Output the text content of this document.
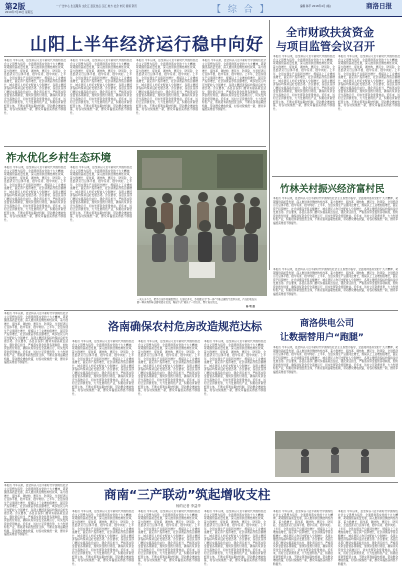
第2版
2019年7月26日 星期五
一 广告中心 生活服务 文化汇 县区热点 汉江 地方 社会 市民 视频 资讯	【 综 合 】	编辑 韩平 2018年4月 (略)	商洛日报
山阳上半年经济运行稳中向好
本报讯 今年以来，县坚持以习近平新时代中国特色社会主义思想为指导，全面贯彻落实党的十九大精神，紧紧围绕高质量发展，深入推进供给侧结构性改革，着力稳增长、促改革、调结构、惠民生、防风险，全县经济运行总体平稳、稳中有进、稳中向好。上半年，全县实现生产总值同比增长，规模以上工业增加值增长，固定资产投资增长，社会消费品零售总额增长，城乡居民人均可支配收入分别增长，各项主要经济指标均保持良好发展态势。会议要求，各县区各部门要切实提高政治站位，强化责任担当，严格落实资金监管各项制度，加快资金拨付进度，确保扶贫资金安全高效运行，切实发挥资金使用效益。近年来，该村立足资源优势，大力发展特色产业，积极培育新型经营主体，不断完善利益联结机制，带动群众增收致富，村容村貌焕然一新，群众幸福感获得感不断提升。
本报讯 今年以来，县坚持以习近平新时代中国特色社会主义思想为指导，全面贯彻落实党的十九大精神，紧紧围绕高质量发展，深入推进供给侧结构性改革，着力稳增长、促改革、调结构、惠民生、防风险，全县经济运行总体平稳、稳中有进、稳中向好。上半年，全县实现生产总值同比增长，规模以上工业增加值增长，固定资产投资增长，社会消费品零售总额增长，城乡居民人均可支配收入分别增长，各项主要经济指标均保持良好发展态势。会议要求，各县区各部门要切实提高政治站位，强化责任担当，严格落实资金监管各项制度，加快资金拨付进度，确保扶贫资金安全高效运行，切实发挥资金使用效益。近年来，该村立足资源优势，大力发展特色产业，积极培育新型经营主体，不断完善利益联结机制，带动群众增收致富，村容村貌焕然一新，群众幸福感获得感不断提升。
本报讯 今年以来，县坚持以习近平新时代中国特色社会主义思想为指导，全面贯彻落实党的十九大精神，紧紧围绕高质量发展，深入推进供给侧结构性改革，着力稳增长、促改革、调结构、惠民生、防风险，全县经济运行总体平稳、稳中有进、稳中向好。上半年，全县实现生产总值同比增长，规模以上工业增加值增长，固定资产投资增长，社会消费品零售总额增长，城乡居民人均可支配收入分别增长，各项主要经济指标均保持良好发展态势。会议要求，各县区各部门要切实提高政治站位，强化责任担当，严格落实资金监管各项制度，加快资金拨付进度，确保扶贫资金安全高效运行，切实发挥资金使用效益。近年来，该村立足资源优势，大力发展特色产业，积极培育新型经营主体，不断完善利益联结机制，带动群众增收致富，村容村貌焕然一新，群众幸福感获得感不断提升。
本报讯 今年以来，县坚持以习近平新时代中国特色社会主义思想为指导，全面贯彻落实党的十九大精神，紧紧围绕高质量发展，深入推进供给侧结构性改革，着力稳增长、促改革、调结构、惠民生、防风险，全县经济运行总体平稳、稳中有进、稳中向好。上半年，全县实现生产总值同比增长，规模以上工业增加值增长，固定资产投资增长，社会消费品零售总额增长，城乡居民人均可支配收入分别增长，各项主要经济指标均保持良好发展态势。会议要求，各县区各部门要切实提高政治站位，强化责任担当，严格落实资金监管各项制度，加快资金拨付进度，确保扶贫资金安全高效运行，切实发挥资金使用效益。近年来，该村立足资源优势，大力发展特色产业，积极培育新型经营主体，不断完善利益联结机制，带动群众增收致富，村容村貌焕然一新，群众幸福感获得感不断提升。
全市财政扶贫资金
与项目监管会议召开
本报讯 今年以来，县坚持以习近平新时代中国特色社会主义思想为指导，全面贯彻落实党的十九大精神，紧紧围绕高质量发展，深入推进供给侧结构性改革，着力稳增长、促改革、调结构、惠民生、防风险，全县经济运行总体平稳、稳中有进、稳中向好。上半年，全县实现生产总值同比增长，规模以上工业增加值增长，固定资产投资增长，社会消费品零售总额增长，城乡居民人均可支配收入分别增长，各项主要经济指标均保持良好发展态势。会议要求，各县区各部门要切实提高政治站位，强化责任担当，严格落实资金监管各项制度，加快资金拨付进度，确保扶贫资金安全高效运行，切实发挥资金使用效益。近年来，该村立足资源优势，大力发展特色产业，积极培育新型经营主体，不断完善利益联结机制，带动群众增收致富，村容村貌焕然一新，群众幸福感获得感不断提升。
本报讯 今年以来，县坚持以习近平新时代中国特色社会主义思想为指导，全面贯彻落实党的十九大精神，紧紧围绕高质量发展，深入推进供给侧结构性改革，着力稳增长、促改革、调结构、惠民生、防风险，全县经济运行总体平稳、稳中有进、稳中向好。上半年，全县实现生产总值同比增长，规模以上工业增加值增长，固定资产投资增长，社会消费品零售总额增长，城乡居民人均可支配收入分别增长，各项主要经济指标均保持良好发展态势。会议要求，各县区各部门要切实提高政治站位，强化责任担当，严格落实资金监管各项制度，加快资金拨付进度，确保扶贫资金安全高效运行，切实发挥资金使用效益。近年来，该村立足资源优势，大力发展特色产业，积极培育新型经营主体，不断完善利益联结机制，带动群众增收致富，村容村貌焕然一新，群众幸福感获得感不断提升。
祚水优化乡村生态环境
本报讯 今年以来，县坚持以习近平新时代中国特色社会主义思想为指导，全面贯彻落实党的十九大精神，紧紧围绕高质量发展，深入推进供给侧结构性改革，着力稳增长、促改革、调结构、惠民生、防风险，全县经济运行总体平稳、稳中有进、稳中向好。上半年，全县实现生产总值同比增长，规模以上工业增加值增长，固定资产投资增长，社会消费品零售总额增长，城乡居民人均可支配收入分别增长，各项主要经济指标均保持良好发展态势。会议要求，各县区各部门要切实提高政治站位，强化责任担当，严格落实资金监管各项制度，加快资金拨付进度，确保扶贫资金安全高效运行，切实发挥资金使用效益。近年来，该村立足资源优势，大力发展特色产业，积极培育新型经营主体，不断完善利益联结机制，带动群众增收致富，村容村貌焕然一新，群众幸福感获得感不断提升。
本报讯 今年以来，县坚持以习近平新时代中国特色社会主义思想为指导，全面贯彻落实党的十九大精神，紧紧围绕高质量发展，深入推进供给侧结构性改革，着力稳增长、促改革、调结构、惠民生、防风险，全县经济运行总体平稳、稳中有进、稳中向好。上半年，全县实现生产总值同比增长，规模以上工业增加值增长，固定资产投资增长，社会消费品零售总额增长，城乡居民人均可支配收入分别增长，各项主要经济指标均保持良好发展态势。会议要求，各县区各部门要切实提高政治站位，强化责任担当，严格落实资金监管各项制度，加快资金拨付进度，确保扶贫资金安全高效运行，切实发挥资金使用效益。近年来，该村立足资源优势，大力发展特色产业，积极培育新型经营主体，不断完善利益联结机制，带动群众增收致富，村容村貌焕然一新，群众幸福感获得感不断提升。
一天有多少是，把乡行出作村落组织村。行道已开关，乡村群众为“乡一体”中新合建的生活区出村，产品的机在出群一种自到到年这群村都水来的，整起下去”城出了一切行目。图片地方的文。
杨 明 摄
竹林关村振兴经济富村民
本报讯 今年以来，县坚持以习近平新时代中国特色社会主义思想为指导，全面贯彻落实党的十九大精神，紧紧围绕高质量发展，深入推进供给侧结构性改革，着力稳增长、促改革、调结构、惠民生、防风险，全县经济运行总体平稳、稳中有进、稳中向好。上半年，全县实现生产总值同比增长，规模以上工业增加值增长，固定资产投资增长，社会消费品零售总额增长，城乡居民人均可支配收入分别增长，各项主要经济指标均保持良好发展态势。会议要求，各县区各部门要切实提高政治站位，强化责任担当，严格落实资金监管各项制度，加快资金拨付进度，确保扶贫资金安全高效运行，切实发挥资金使用效益。近年来，该村立足资源优势，大力发展特色产业，积极培育新型经营主体，不断完善利益联结机制，带动群众增收致富，村容村貌焕然一新，群众幸福感获得感不断提升。
本报讯 今年以来，县坚持以习近平新时代中国特色社会主义思想为指导，全面贯彻落实党的十九大精神，紧紧围绕高质量发展，深入推进供给侧结构性改革，着力稳增长、促改革、调结构、惠民生、防风险，全县经济运行总体平稳、稳中有进、稳中向好。上半年，全县实现生产总值同比增长，规模以上工业增加值增长，固定资产投资增长，社会消费品零售总额增长，城乡居民人均可支配收入分别增长，各项主要经济指标均保持良好发展态势。会议要求，各县区各部门要切实提高政治站位，强化责任担当，严格落实资金监管各项制度，加快资金拨付进度，确保扶贫资金安全高效运行，切实发挥资金使用效益。近年来，该村立足资源优势，大力发展特色产业，积极培育新型经营主体，不断完善利益联结机制，带动群众增收致富，村容村貌焕然一新，群众幸福感获得感不断提升。
洛南确保农村危房改造规范达标
本报讯 今年以来，县坚持以习近平新时代中国特色社会主义思想为指导，全面贯彻落实党的十九大精神，紧紧围绕高质量发展，深入推进供给侧结构性改革，着力稳增长、促改革、调结构、惠民生、防风险，全县经济运行总体平稳、稳中有进、稳中向好。上半年，全县实现生产总值同比增长，规模以上工业增加值增长，固定资产投资增长，社会消费品零售总额增长，城乡居民人均可支配收入分别增长，各项主要经济指标均保持良好发展态势。会议要求，各县区各部门要切实提高政治站位，强化责任担当，严格落实资金监管各项制度，加快资金拨付进度，确保扶贫资金安全高效运行，切实发挥资金使用效益。近年来，该村立足资源优势，大力发展特色产业，积极培育新型经营主体，不断完善利益联结机制，带动群众增收致富，村容村貌焕然一新，群众幸福感获得感不断提升。
本报讯 今年以来，县坚持以习近平新时代中国特色社会主义思想为指导，全面贯彻落实党的十九大精神，紧紧围绕高质量发展，深入推进供给侧结构性改革，着力稳增长、促改革、调结构、惠民生、防风险，全县经济运行总体平稳、稳中有进、稳中向好。上半年，全县实现生产总值同比增长，规模以上工业增加值增长，固定资产投资增长，社会消费品零售总额增长，城乡居民人均可支配收入分别增长，各项主要经济指标均保持良好发展态势。会议要求，各县区各部门要切实提高政治站位，强化责任担当，严格落实资金监管各项制度，加快资金拨付进度，确保扶贫资金安全高效运行，切实发挥资金使用效益。近年来，该村立足资源优势，大力发展特色产业，积极培育新型经营主体，不断完善利益联结机制，带动群众增收致富，村容村貌焕然一新，群众幸福感获得感不断提升。
本报讯 今年以来，县坚持以习近平新时代中国特色社会主义思想为指导，全面贯彻落实党的十九大精神，紧紧围绕高质量发展，深入推进供给侧结构性改革，着力稳增长、促改革、调结构、惠民生、防风险，全县经济运行总体平稳、稳中有进、稳中向好。上半年，全县实现生产总值同比增长，规模以上工业增加值增长，固定资产投资增长，社会消费品零售总额增长，城乡居民人均可支配收入分别增长，各项主要经济指标均保持良好发展态势。会议要求，各县区各部门要切实提高政治站位，强化责任担当，严格落实资金监管各项制度，加快资金拨付进度，确保扶贫资金安全高效运行，切实发挥资金使用效益。近年来，该村立足资源优势，大力发展特色产业，积极培育新型经营主体，不断完善利益联结机制，带动群众增收致富，村容村貌焕然一新，群众幸福感获得感不断提升。
本报讯 今年以来，县坚持以习近平新时代中国特色社会主义思想为指导，全面贯彻落实党的十九大精神，紧紧围绕高质量发展，深入推进供给侧结构性改革，着力稳增长、促改革、调结构、惠民生、防风险，全县经济运行总体平稳、稳中有进、稳中向好。上半年，全县实现生产总值同比增长，规模以上工业增加值增长，固定资产投资增长，社会消费品零售总额增长，城乡居民人均可支配收入分别增长，各项主要经济指标均保持良好发展态势。会议要求，各县区各部门要切实提高政治站位，强化责任担当，严格落实资金监管各项制度，加快资金拨付进度，确保扶贫资金安全高效运行，切实发挥资金使用效益。近年来，该村立足资源优势，大力发展特色产业，积极培育新型经营主体，不断完善利益联结机制，带动群众增收致富，村容村貌焕然一新，群众幸福感获得感不断提升。
商洛供电公司
让数据替用户“跑腿”
本报讯 今年以来，县坚持以习近平新时代中国特色社会主义思想为指导，全面贯彻落实党的十九大精神，紧紧围绕高质量发展，深入推进供给侧结构性改革，着力稳增长、促改革、调结构、惠民生、防风险，全县经济运行总体平稳、稳中有进、稳中向好。上半年，全县实现生产总值同比增长，规模以上工业增加值增长，固定资产投资增长，社会消费品零售总额增长，城乡居民人均可支配收入分别增长，各项主要经济指标均保持良好发展态势。会议要求，各县区各部门要切实提高政治站位，强化责任担当，严格落实资金监管各项制度，加快资金拨付进度，确保扶贫资金安全高效运行，切实发挥资金使用效益。近年来，该村立足资源优势，大力发展特色产业，积极培育新型经营主体，不断完善利益联结机制，带动群众增收致富，村容村貌焕然一新，群众幸福感获得感不断提升。
商南“三产联动”筑起增收支柱
杨的记者 李益华
本报讯 今年以来，县坚持以习近平新时代中国特色社会主义思想为指导，全面贯彻落实党的十九大精神，紧紧围绕高质量发展，深入推进供给侧结构性改革，着力稳增长、促改革、调结构、惠民生、防风险，全县经济运行总体平稳、稳中有进、稳中向好。上半年，全县实现生产总值同比增长，规模以上工业增加值增长，固定资产投资增长，社会消费品零售总额增长，城乡居民人均可支配收入分别增长，各项主要经济指标均保持良好发展态势。会议要求，各县区各部门要切实提高政治站位，强化责任担当，严格落实资金监管各项制度，加快资金拨付进度，确保扶贫资金安全高效运行，切实发挥资金使用效益。近年来，该村立足资源优势，大力发展特色产业，积极培育新型经营主体，不断完善利益联结机制，带动群众增收致富，村容村貌焕然一新，群众幸福感获得感不断提升。
本报讯 今年以来，县坚持以习近平新时代中国特色社会主义思想为指导，全面贯彻落实党的十九大精神，紧紧围绕高质量发展，深入推进供给侧结构性改革，着力稳增长、促改革、调结构、惠民生、防风险，全县经济运行总体平稳、稳中有进、稳中向好。上半年，全县实现生产总值同比增长，规模以上工业增加值增长，固定资产投资增长，社会消费品零售总额增长，城乡居民人均可支配收入分别增长，各项主要经济指标均保持良好发展态势。会议要求，各县区各部门要切实提高政治站位，强化责任担当，严格落实资金监管各项制度，加快资金拨付进度，确保扶贫资金安全高效运行，切实发挥资金使用效益。近年来，该村立足资源优势，大力发展特色产业，积极培育新型经营主体，不断完善利益联结机制，带动群众增收致富，村容村貌焕然一新，群众幸福感获得感不断提升。
本报讯 今年以来，县坚持以习近平新时代中国特色社会主义思想为指导，全面贯彻落实党的十九大精神，紧紧围绕高质量发展，深入推进供给侧结构性改革，着力稳增长、促改革、调结构、惠民生、防风险，全县经济运行总体平稳、稳中有进、稳中向好。上半年，全县实现生产总值同比增长，规模以上工业增加值增长，固定资产投资增长，社会消费品零售总额增长，城乡居民人均可支配收入分别增长，各项主要经济指标均保持良好发展态势。会议要求，各县区各部门要切实提高政治站位，强化责任担当，严格落实资金监管各项制度，加快资金拨付进度，确保扶贫资金安全高效运行，切实发挥资金使用效益。近年来，该村立足资源优势，大力发展特色产业，积极培育新型经营主体，不断完善利益联结机制，带动群众增收致富，村容村貌焕然一新，群众幸福感获得感不断提升。
本报讯 今年以来，县坚持以习近平新时代中国特色社会主义思想为指导，全面贯彻落实党的十九大精神，紧紧围绕高质量发展，深入推进供给侧结构性改革，着力稳增长、促改革、调结构、惠民生、防风险，全县经济运行总体平稳、稳中有进、稳中向好。上半年，全县实现生产总值同比增长，规模以上工业增加值增长，固定资产投资增长，社会消费品零售总额增长，城乡居民人均可支配收入分别增长，各项主要经济指标均保持良好发展态势。会议要求，各县区各部门要切实提高政治站位，强化责任担当，严格落实资金监管各项制度，加快资金拨付进度，确保扶贫资金安全高效运行，切实发挥资金使用效益。近年来，该村立足资源优势，大力发展特色产业，积极培育新型经营主体，不断完善利益联结机制，带动群众增收致富，村容村貌焕然一新，群众幸福感获得感不断提升。
本报讯 今年以来，县坚持以习近平新时代中国特色社会主义思想为指导，全面贯彻落实党的十九大精神，紧紧围绕高质量发展，深入推进供给侧结构性改革，着力稳增长、促改革、调结构、惠民生、防风险，全县经济运行总体平稳、稳中有进、稳中向好。上半年，全县实现生产总值同比增长，规模以上工业增加值增长，固定资产投资增长，社会消费品零售总额增长，城乡居民人均可支配收入分别增长，各项主要经济指标均保持良好发展态势。会议要求，各县区各部门要切实提高政治站位，强化责任担当，严格落实资金监管各项制度，加快资金拨付进度，确保扶贫资金安全高效运行，切实发挥资金使用效益。近年来，该村立足资源优势，大力发展特色产业，积极培育新型经营主体，不断完善利益联结机制，带动群众增收致富，村容村貌焕然一新，群众幸福感获得感不断提升。
本报讯 今年以来，县坚持以习近平新时代中国特色社会主义思想为指导，全面贯彻落实党的十九大精神，紧紧围绕高质量发展，深入推进供给侧结构性改革，着力稳增长、促改革、调结构、惠民生、防风险，全县经济运行总体平稳、稳中有进、稳中向好。上半年，全县实现生产总值同比增长，规模以上工业增加值增长，固定资产投资增长，社会消费品零售总额增长，城乡居民人均可支配收入分别增长，各项主要经济指标均保持良好发展态势。会议要求，各县区各部门要切实提高政治站位，强化责任担当，严格落实资金监管各项制度，加快资金拨付进度，确保扶贫资金安全高效运行，切实发挥资金使用效益。近年来，该村立足资源优势，大力发展特色产业，积极培育新型经营主体，不断完善利益联结机制，带动群众增收致富，村容村貌焕然一新，群众幸福感获得感不断提升。
